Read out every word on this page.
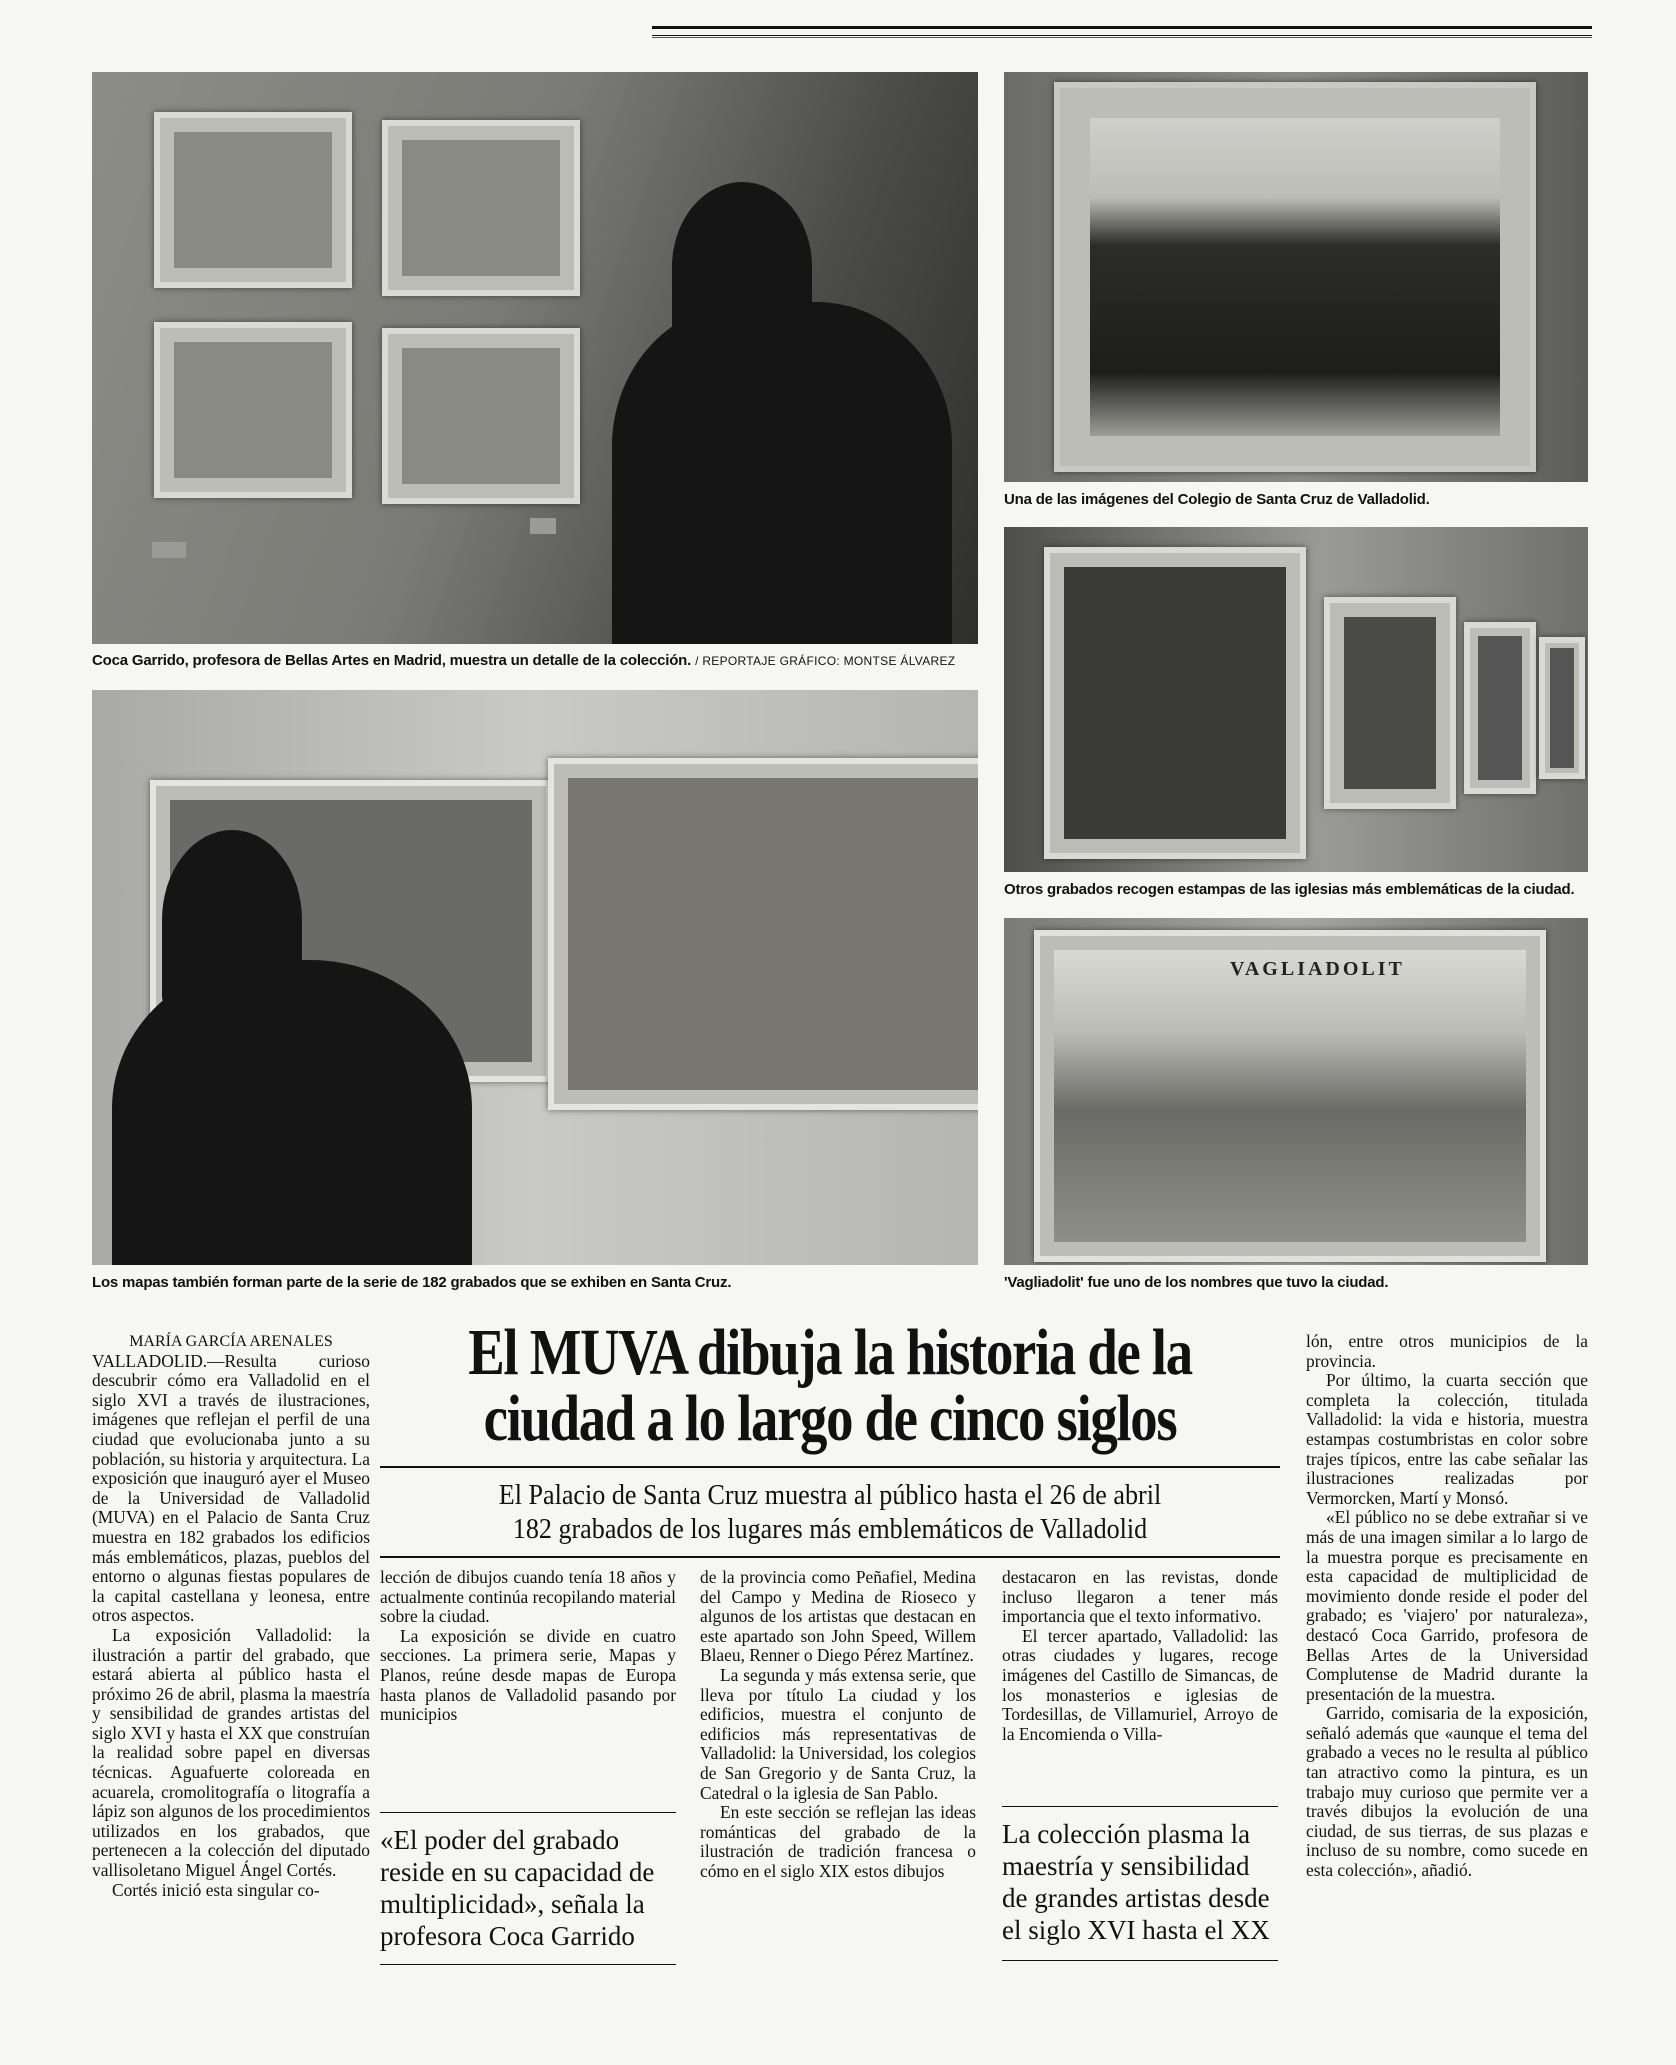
Coca Garrido, profesora de Bellas Artes en Madrid, muestra un detalle de la colección. / REPORTAJE GRÁFICO: MONTSE ÁLVAREZ
Una de las imágenes del Colegio de Santa Cruz de Valladolid.
Otros grabados recogen estampas de las iglesias más emblemáticas de la ciudad.
Los mapas también forman parte de la serie de 182 grabados que se exhiben en Santa Cruz.
VAGLIADOLIT
'Vagliadolit' fue uno de los nombres que tuvo la ciudad.
El MUVA dibuja la historia de la ciudad a lo largo de cinco siglos
El Palacio de Santa Cruz muestra al público hasta el 26 de abril
182 grabados de los lugares más emblemáticos de Valladolid

MARÍA GARCÍA ARENALES

VALLADOLID.—Resulta curioso descubrir cómo era Valladolid en el siglo XVI a través de ilustraciones, imágenes que reflejan el perfil de una ciudad que evolucionaba junto a su población, su historia y arquitectura. La exposición que inauguró ayer el Museo de la Universidad de Valladolid (MUVA) en el Palacio de Santa Cruz muestra en 182 grabados los edificios más emblemáticos, plazas, pueblos del entorno o algunas fiestas populares de la capital castellana y leonesa, entre otros aspectos.

La exposición Valladolid: la ilustración a partir del grabado, que estará abierta al público hasta el próximo 26 de abril, plasma la maestría y sensibilidad de grandes artistas del siglo XVI y hasta el XX que construían la realidad sobre papel en diversas técnicas. Aguafuerte coloreada en acuarela, cromolitografía o litografía a lápiz son algunos de los procedimientos utilizados en los grabados, que pertenecen a la colección del diputado vallisoletano Miguel Ángel Cortés.

Cortés inició esta singular co-

lección de dibujos cuando tenía 18 años y actualmente continúa recopilando material sobre la ciudad.

La exposición se divide en cuatro secciones. La primera serie, Mapas y Planos, reúne desde mapas de Europa hasta planos de Valladolid pasando por municipios

«El poder del grabado reside en su capacidad de multiplicidad», señala la profesora Coca Garrido

de la provincia como Peñafiel, Medina del Campo y Medina de Rioseco y algunos de los artistas que destacan en este apartado son John Speed, Willem Blaeu, Renner o Diego Pérez Martínez.

La segunda y más extensa serie, que lleva por título La ciudad y los edificios, muestra el conjunto de edificios más representativas de Valladolid: la Universidad, los colegios de San Gregorio y de Santa Cruz, la Catedral o la iglesia de San Pablo.

En este sección se reflejan las ideas románticas del grabado de la ilustración de tradición francesa o cómo en el siglo XIX estos dibujos

destacaron en las revistas, donde incluso llegaron a tener más importancia que el texto informativo.

El tercer apartado, Valladolid: las otras ciudades y lugares, recoge imágenes del Castillo de Simancas, de los monasterios e iglesias de Tordesillas, de Villamuriel, Arroyo de la Encomienda o Villa-

La colección plasma la maestría y sensibilidad de grandes artistas desde el siglo XVI hasta el XX

lón, entre otros municipios de la provincia.

Por último, la cuarta sección que completa la colección, titulada Valladolid: la vida e historia, muestra estampas costumbristas en color sobre trajes típicos, entre las cabe señalar las ilustraciones realizadas por Vermorcken, Martí y Monsó.

«El público no se debe extrañar si ve más de una imagen similar a lo largo de la muestra porque es precisamente en esta capacidad de multiplicidad de movimiento donde reside el poder del grabado; es 'viajero' por naturaleza», destacó Coca Garrido, profesora de Bellas Artes de la Universidad Complutense de Madrid durante la presentación de la muestra.

Garrido, comisaria de la exposición, señaló además que «aunque el tema del grabado a veces no le resulta al público tan atractivo como la pintura, es un trabajo muy curioso que permite ver a través dibujos la evolución de una ciudad, de sus tierras, de sus plazas e incluso de su nombre, como sucede en esta colección», añadió.
